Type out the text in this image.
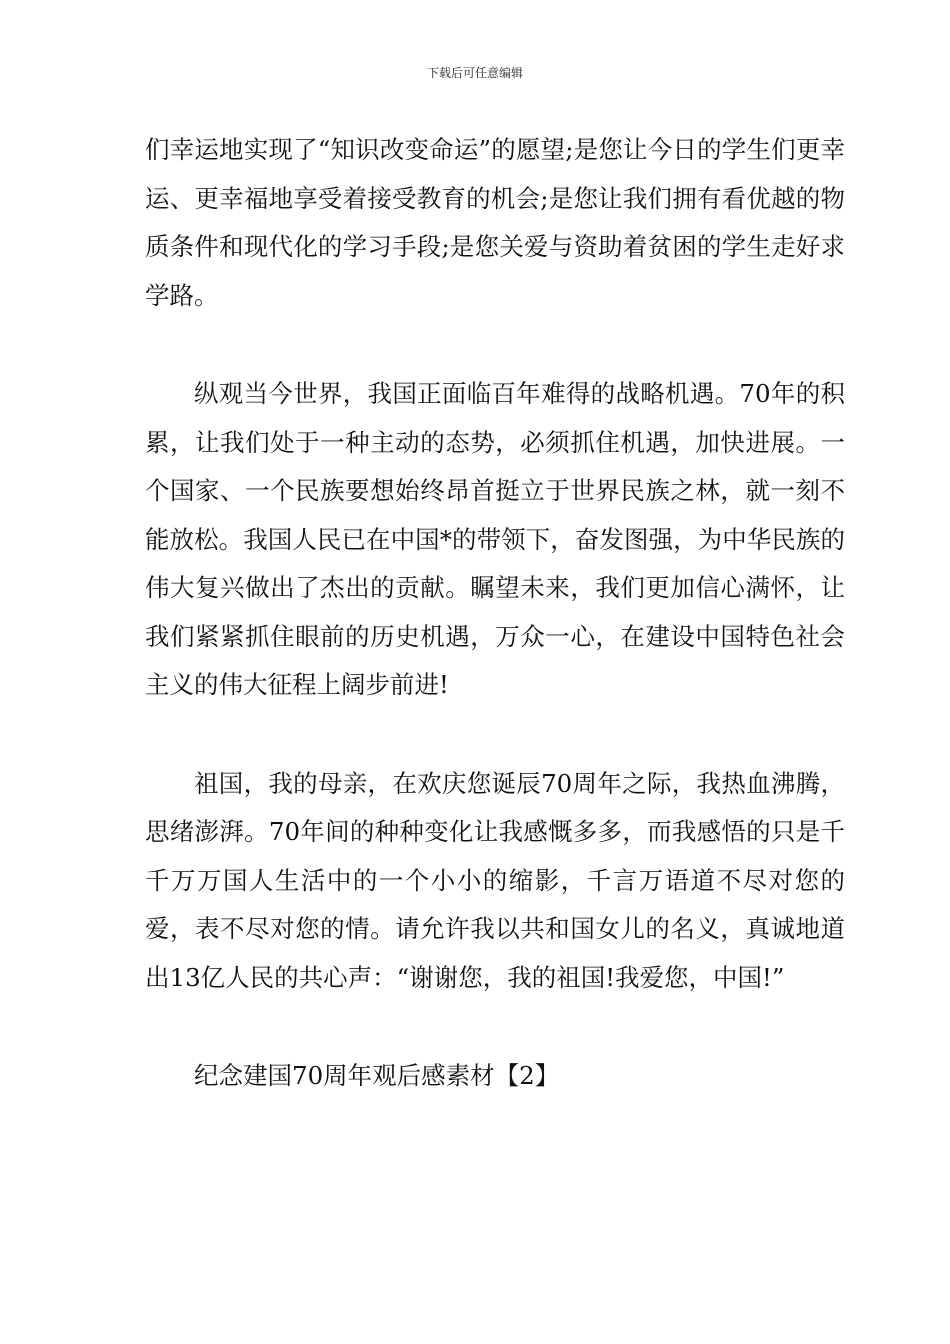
下载后可任意编辑

们幸运地实现了“知识改变命运”的愿望;是您让今日的学生们更幸运、更幸福地享受着接受教育的机会;是您让我们拥有看优越的物质条件和现代化的学习手段;是您关爱与资助着贫困的学生走好求学路。

纵观当今世界，我国正面临百年难得的战略机遇。70年的积累，让我们处于一种主动的态势，必须抓住机遇，加快进展。一个国家、一个民族要想始终昂首挺立于世界民族之林，就一刻不能放松。我国人民已在中国*的带领下，奋发图强，为中华民族的伟大复兴做出了杰出的贡献。瞩望未来，我们更加信心满怀，让我们紧紧抓住眼前的历史机遇，万众一心，在建设中国特色社会主义的伟大征程上阔步前进!

祖国，我的母亲，在欢庆您诞辰70周年之际，我热血沸腾，思绪澎湃。70年间的种种变化让我感慨多多，而我感悟的只是千千万万国人生活中的一个小小的缩影，千言万语道不尽对您的爱，表不尽对您的情。请允许我以共和国女儿的名义，真诚地道出13亿人民的共心声：“谢谢您，我的祖国!我爱您，中国!”

纪念建国70周年观后感素材【2】
